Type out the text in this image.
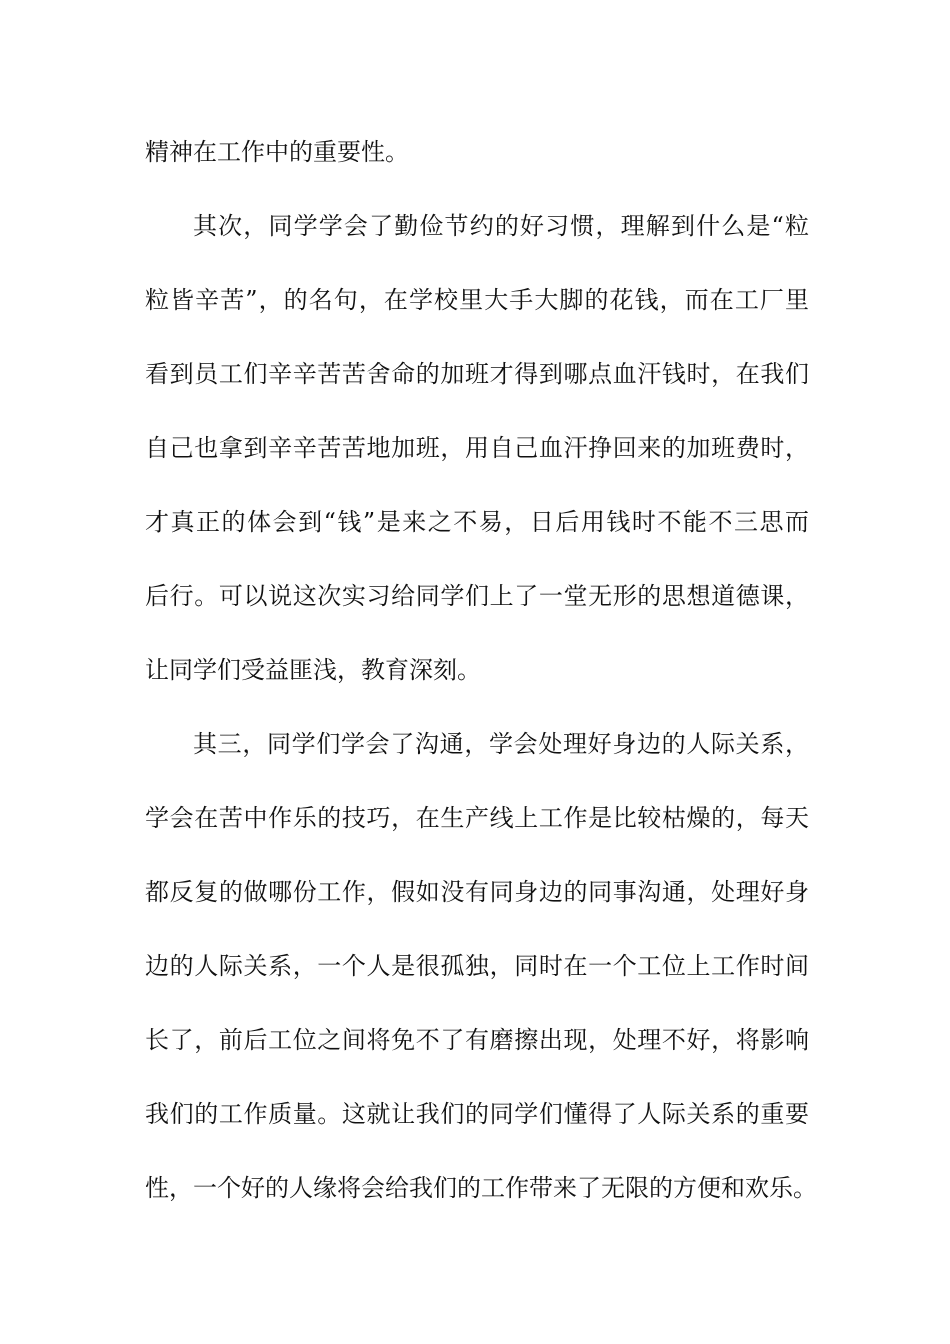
精神在工作中的重要性。
其次，同学学会了勤俭节约的好习惯，理解到什么是“粒
粒皆辛苦”，的名句，在学校里大手大脚的花钱，而在工厂里
看到员工们辛辛苦苦舍命的加班才得到哪点血汗钱时，在我们
自己也拿到辛辛苦苦地加班，用自己血汗挣回来的加班费时，
才真正的体会到“钱”是来之不易，日后用钱时不能不三思而
后行。可以说这次实习给同学们上了一堂无形的思想道德课，
让同学们受益匪浅，教育深刻。
其三，同学们学会了沟通，学会处理好身边的人际关系，
学会在苦中作乐的技巧，在生产线上工作是比较枯燥的，每天
都反复的做哪份工作，假如没有同身边的同事沟通，处理好身
边的人际关系，一个人是很孤独，同时在一个工位上工作时间
长了，前后工位之间将免不了有磨擦出现，处理不好，将影响
我们的工作质量。这就让我们的同学们懂得了人际关系的重要
性，一个好的人缘将会给我们的工作带来了无限的方便和欢乐。
